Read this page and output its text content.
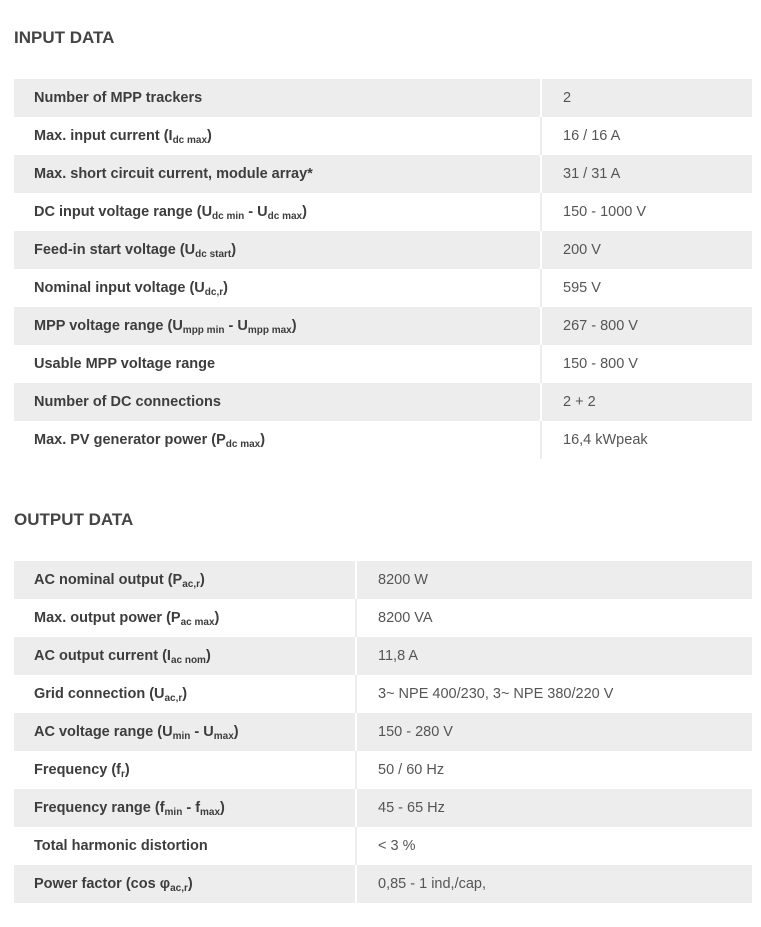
INPUT DATA
Number of MPP trackers	2
Max. input current $(I_{dc max})$	16 / 16 A
Max. short circuit current, module array*	31 / 31 A
DC input voltage range $(U_{dc min} - U_{dc max})$	150 - 1000 V
Feed-in start voltage $(U_{dc start})$	200 V
Nominal input voltage $(U_{dc,r})$	595 V
MPP voltage range $(U_{mpp min} - U_{mpp max})$	267 - 800 V
Usable MPP voltage range	150 - 800 V
Number of DC connections	2 + 2
Max. PV generator power $(P_{dc max})$	16,4 kWpeak
OUTPUT DATA
AC nominal output $(P_{ac,r})$	8200 W
Max. output power $(P_{ac max})$	8200 VA
AC output current $(I_{ac nom})$	11,8 A
Grid connection $(U_{ac,r})$	3~ NPE 400/230, 3~ NPE 380/220 V
AC voltage range $(U_{min} - U_{max})$	150 - 280 V
Frequency $(f_r)$	50 / 60 Hz
Frequency range $(f_{min} - f_{max})$	45 - 65 Hz
Total harmonic distortion	< 3 %
Power factor (cos $\varphi_{ac,r}$)	0,85 - 1 ind,/cap,
